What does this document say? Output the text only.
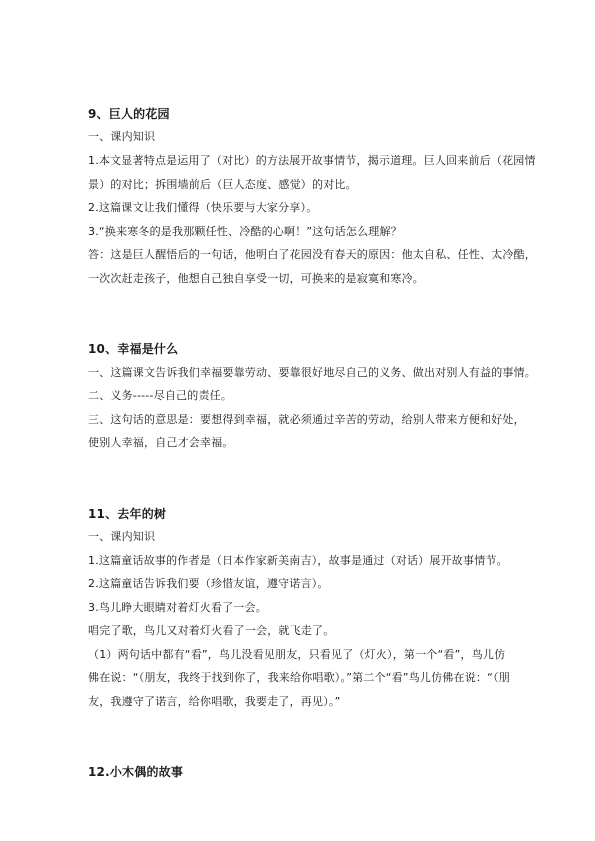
9、巨人的花园
一、课内知识
1.本文显著特点是运用了（对比）的方法展开故事情节，揭示道理。巨人回来前后（花园情
景）的对比；拆围墙前后（巨人态度、感觉）的对比。
2.这篇课文让我们懂得（快乐要与大家分享）。
3.“换来寒冬的是我那颗任性、冷酷的心啊！”这句话怎么理解？
答：这是巨人醒悟后的一句话，他明白了花园没有春天的原因：他太自私、任性、太冷酷，
一次次赶走孩子，他想自己独自享受一切，可换来的是寂寞和寒冷。
10、幸福是什么
一、这篇课文告诉我们幸福要靠劳动、要靠很好地尽自己的义务、做出对别人有益的事情。
二、义务-----尽自己的责任。
三、这句话的意思是：要想得到幸福，就必须通过辛苦的劳动，给别人带来方便和好处，
使别人幸福，自己才会幸福。
11、去年的树
一、课内知识
1.这篇童话故事的作者是（日本作家新美南吉），故事是通过（对话）展开故事情节。
2.这篇童话告诉我们要（珍惜友谊，遵守诺言）。
3.鸟儿睁大眼睛对着灯火看了一会。
唱完了歌，鸟儿又对着灯火看了一会，就飞走了。
（1）两句话中都有“看”，鸟儿没看见朋友，只看见了（灯火），第一个“看”，鸟儿仿
佛在说：“（朋友，我终于找到你了，我来给你唱歌）。”第二个“看”鸟儿仿佛在说：“（朋
友，我遵守了诺言，给你唱歌，我要走了，再见）。”
12.小木偶的故事
